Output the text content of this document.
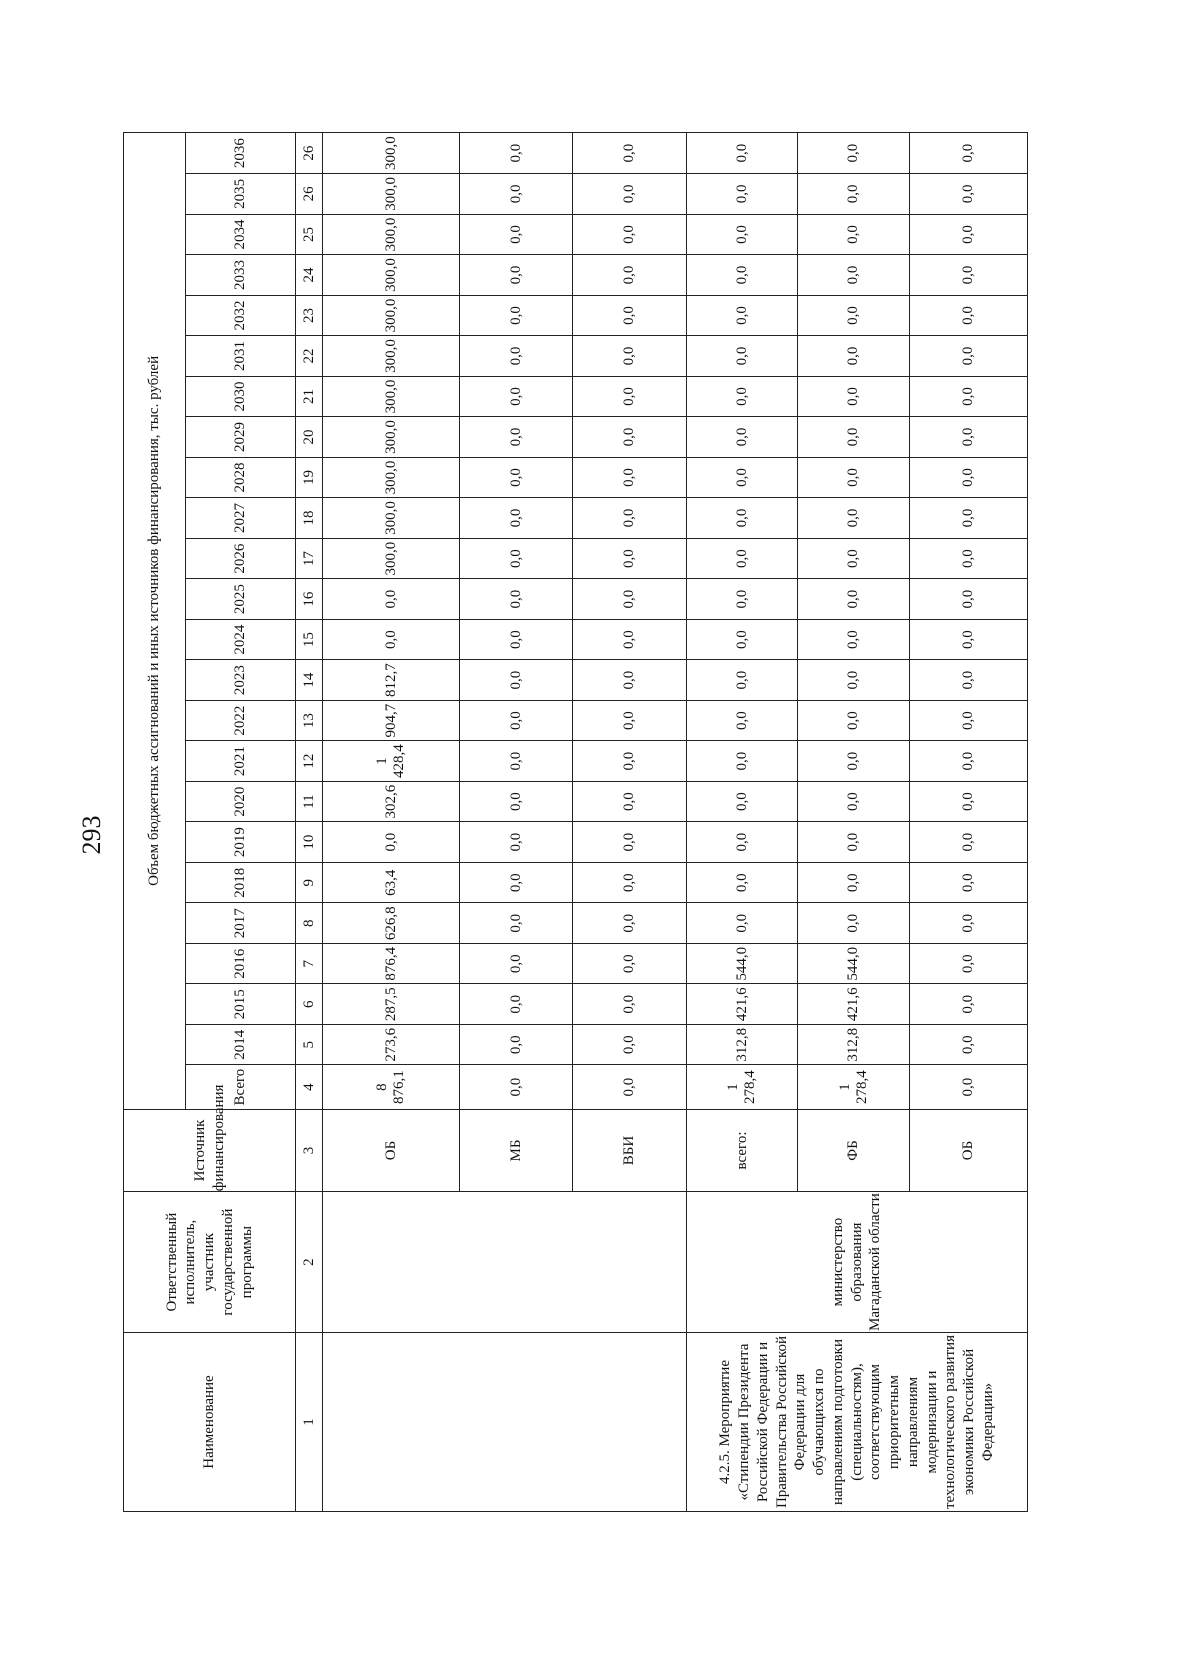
293
Наименование	Ответственный исполнитель, участник государственной программы	Источник финансирования	Объем бюджетных ассигнований и иных источников финансирования, тыс. рублей																							
			Всего	2014	2015	2016	2017	2018	2019	2020	2021	2022	2023	2024	2025	2026	2027	2028	2029	2030	2031	2032	2033	2034	2035	2036
1	2	3	4	5	6	7	8	9	10	11	12	13	14	15	16	17	18	19	20	21	22	23	24	25	26	26
		ОБ	8 876,1	273,6	287,5	876,4	626,8	63,4	0,0	302,6	1 428,4	904,7	812,7	0,0	0,0	300,0	300,0	300,0	300,0	300,0	300,0	300,0	300,0	300,0	300,0	300,0
		МБ	0,0	0,0	0,0	0,0	0,0	0,0	0,0	0,0	0,0	0,0	0,0	0,0	0,0	0,0	0,0	0,0	0,0	0,0	0,0	0,0	0,0	0,0	0,0	0,0
		ВБИ	0,0	0,0	0,0	0,0	0,0	0,0	0,0	0,0	0,0	0,0	0,0	0,0	0,0	0,0	0,0	0,0	0,0	0,0	0,0	0,0	0,0	0,0	0,0	0,0
4.2.5. Мероприятие «Стипендии Президента Российской Федерации и Правительства Российской Федерации для обучающихся по направлениям подготовки (специальностям), соответствующим приоритетным направлениям модернизации и технологического развития экономики Российской Федерации»	министерство образования Магаданской области	всего:	1 278,4	312,8	421,6	544,0	0,0	0,0	0,0	0,0	0,0	0,0	0,0	0,0	0,0	0,0	0,0	0,0	0,0	0,0	0,0	0,0	0,0	0,0	0,0	0,0
		ФБ	1 278,4	312,8	421,6	544,0	0,0	0,0	0,0	0,0	0,0	0,0	0,0	0,0	0,0	0,0	0,0	0,0	0,0	0,0	0,0	0,0	0,0	0,0	0,0	0,0
		ОБ	0,0	0,0	0,0	0,0	0,0	0,0	0,0	0,0	0,0	0,0	0,0	0,0	0,0	0,0	0,0	0,0	0,0	0,0	0,0	0,0	0,0	0,0	0,0	0,0
